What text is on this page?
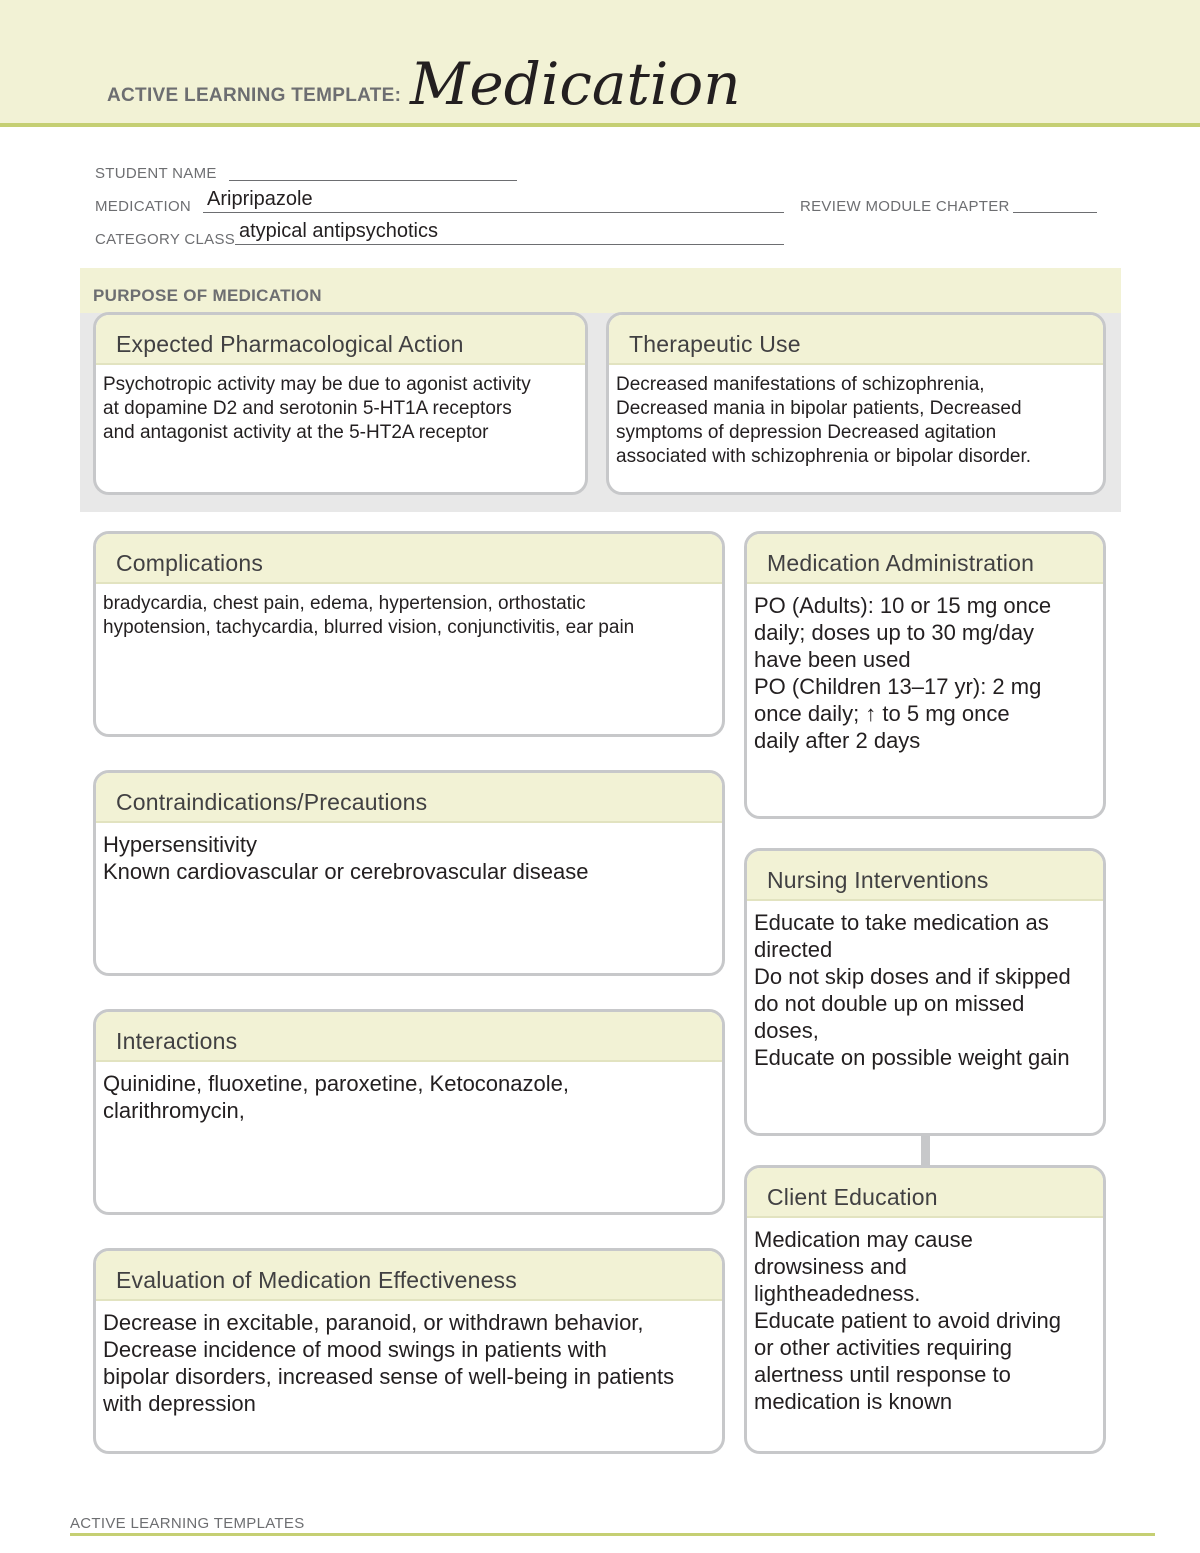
ACTIVE LEARNING TEMPLATE: Medication
STUDENT NAME
MEDICATION Aripripazole	REVIEW MODULE CHAPTER
CATEGORY CLASS atypical antipsychotics
PURPOSE OF MEDICATION
Expected Pharmacological Action
Psychotropic activity may be due to agonist activity
at dopamine D2 and serotonin 5-HT1A receptors
and antagonist activity at the 5-HT2A receptor
Therapeutic Use
Decreased manifestations of schizophrenia,
Decreased mania in bipolar patients, Decreased
symptoms of depression Decreased agitation
associated with schizophrenia or bipolar disorder.
Complications
bradycardia, chest pain, edema, hypertension, orthostatic
hypotension, tachycardia, blurred vision, conjunctivitis, ear pain
Contraindications/Precautions
Hypersensitivity
Known cardiovascular or cerebrovascular disease
Interactions
Quinidine, fluoxetine, paroxetine, Ketoconazole,
clarithromycin,
Evaluation of Medication Effectiveness
Decrease in excitable, paranoid, or withdrawn behavior,
Decrease incidence of mood swings in patients with
bipolar disorders, increased sense of well-being in patients
with depression
Medication Administration
PO (Adults): 10 or 15 mg once
daily; doses up to 30 mg/day
have been used
PO (Children 13–17 yr): 2 mg
once daily; ↑ to 5 mg once
daily after 2 days
Nursing Interventions
Educate to take medication as
directed
Do not skip doses and if skipped
do not double up on missed
doses,
Educate on possible weight gain
Client Education
Medication may cause
drowsiness and
lightheadedness.
Educate patient to avoid driving
or other activities requiring
alertness until response to
medication is known
ACTIVE LEARNING TEMPLATES
